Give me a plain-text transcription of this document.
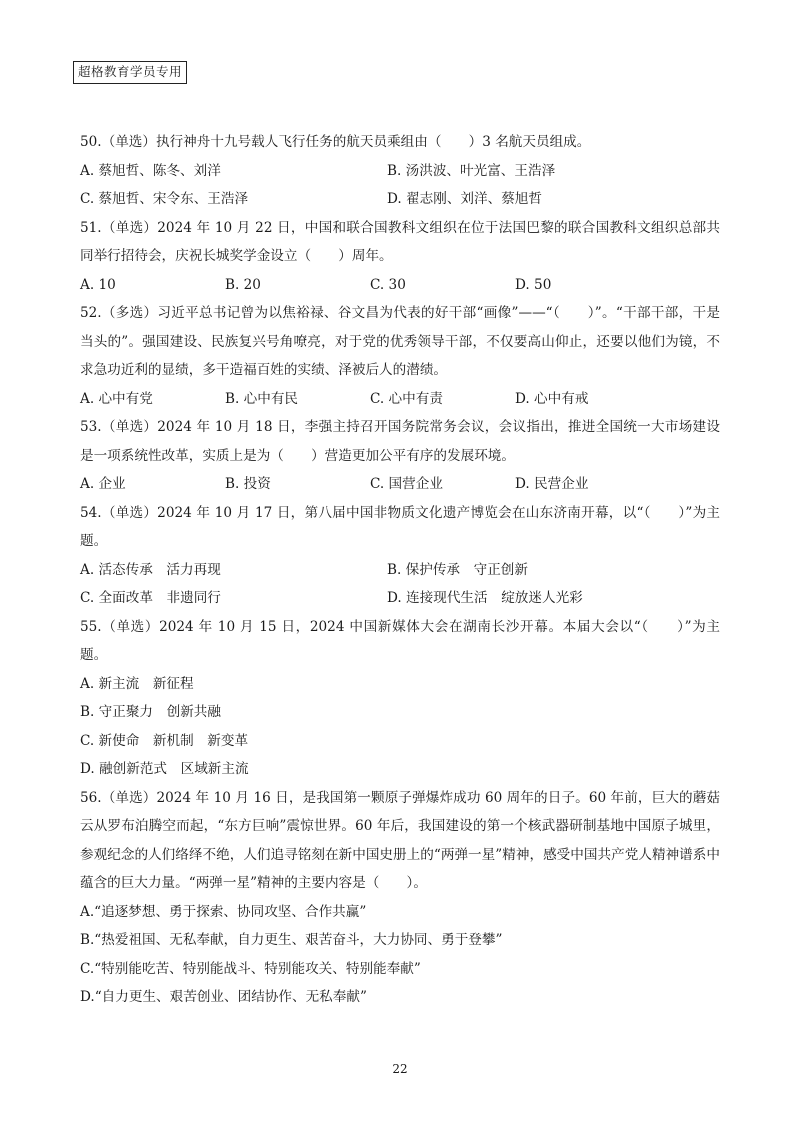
超格教育学员专用

50.（单选）执行神舟十九号载人飞行任务的航天员乘组由（　　）3 名航天员组成。

A. 蔡旭哲、陈冬、刘洋	B. 汤洪波、叶光富、王浩泽
C. 蔡旭哲、宋令东、王浩泽	D. 翟志刚、刘洋、蔡旭哲

51.（单选）2024 年 10 月 22 日，中国和联合国教科文组织在位于法国巴黎的联合国教科文组织总部共同举行招待会，庆祝长城奖学金设立（　　）周年。

A. 10	B. 20	C. 30	D. 50

52.（多选）习近平总书记曾为以焦裕禄、谷文昌为代表的好干部“画像”——“（　　）”。“干部干部，干是当头的”。强国建设、民族复兴号角嘹亮，对于党的优秀领导干部，不仅要高山仰止，还要以他们为镜，不求急功近利的显绩，多干造福百姓的实绩、泽被后人的潜绩。

A. 心中有党	B. 心中有民	C. 心中有责	D. 心中有戒

53.（单选）2024 年 10 月 18 日，李强主持召开国务院常务会议，会议指出，推进全国统一大市场建设是一项系统性改革，实质上是为（　　）营造更加公平有序的发展环境。

A. 企业	B. 投资	C. 国营企业	D. 民营企业

54.（单选）2024 年 10 月 17 日，第八届中国非物质文化遗产博览会在山东济南开幕，以“（　　）”为主题。

A. 活态传承　活力再现	B. 保护传承　守正创新
C. 全面改革　非遗同行	D. 连接现代生活　绽放迷人光彩

55.（单选）2024 年 10 月 15 日，2024 中国新媒体大会在湖南长沙开幕。本届大会以“（　　）”为主题。

A. 新主流　新征程
B. 守正聚力　创新共融
C. 新使命　新机制　新变革
D. 融创新范式　区域新主流

56.（单选）2024 年 10 月 16 日，是我国第一颗原子弹爆炸成功 60 周年的日子。60 年前，巨大的蘑菇云从罗布泊腾空而起，“东方巨响”震惊世界。60 年后，我国建设的第一个核武器研制基地中国原子城里，参观纪念的人们络绎不绝，人们追寻铭刻在新中国史册上的“两弹一星”精神，感受中国共产党人精神谱系中蕴含的巨大力量。“两弹一星”精神的主要内容是（　　）。

A.“追逐梦想、勇于探索、协同攻坚、合作共赢”
B.“热爱祖国、无私奉献，自力更生、艰苦奋斗，大力协同、勇于登攀”
C.“特别能吃苦、特别能战斗、特别能攻关、特别能奉献”
D.“自力更生、艰苦创业、团结协作、无私奉献”
22
